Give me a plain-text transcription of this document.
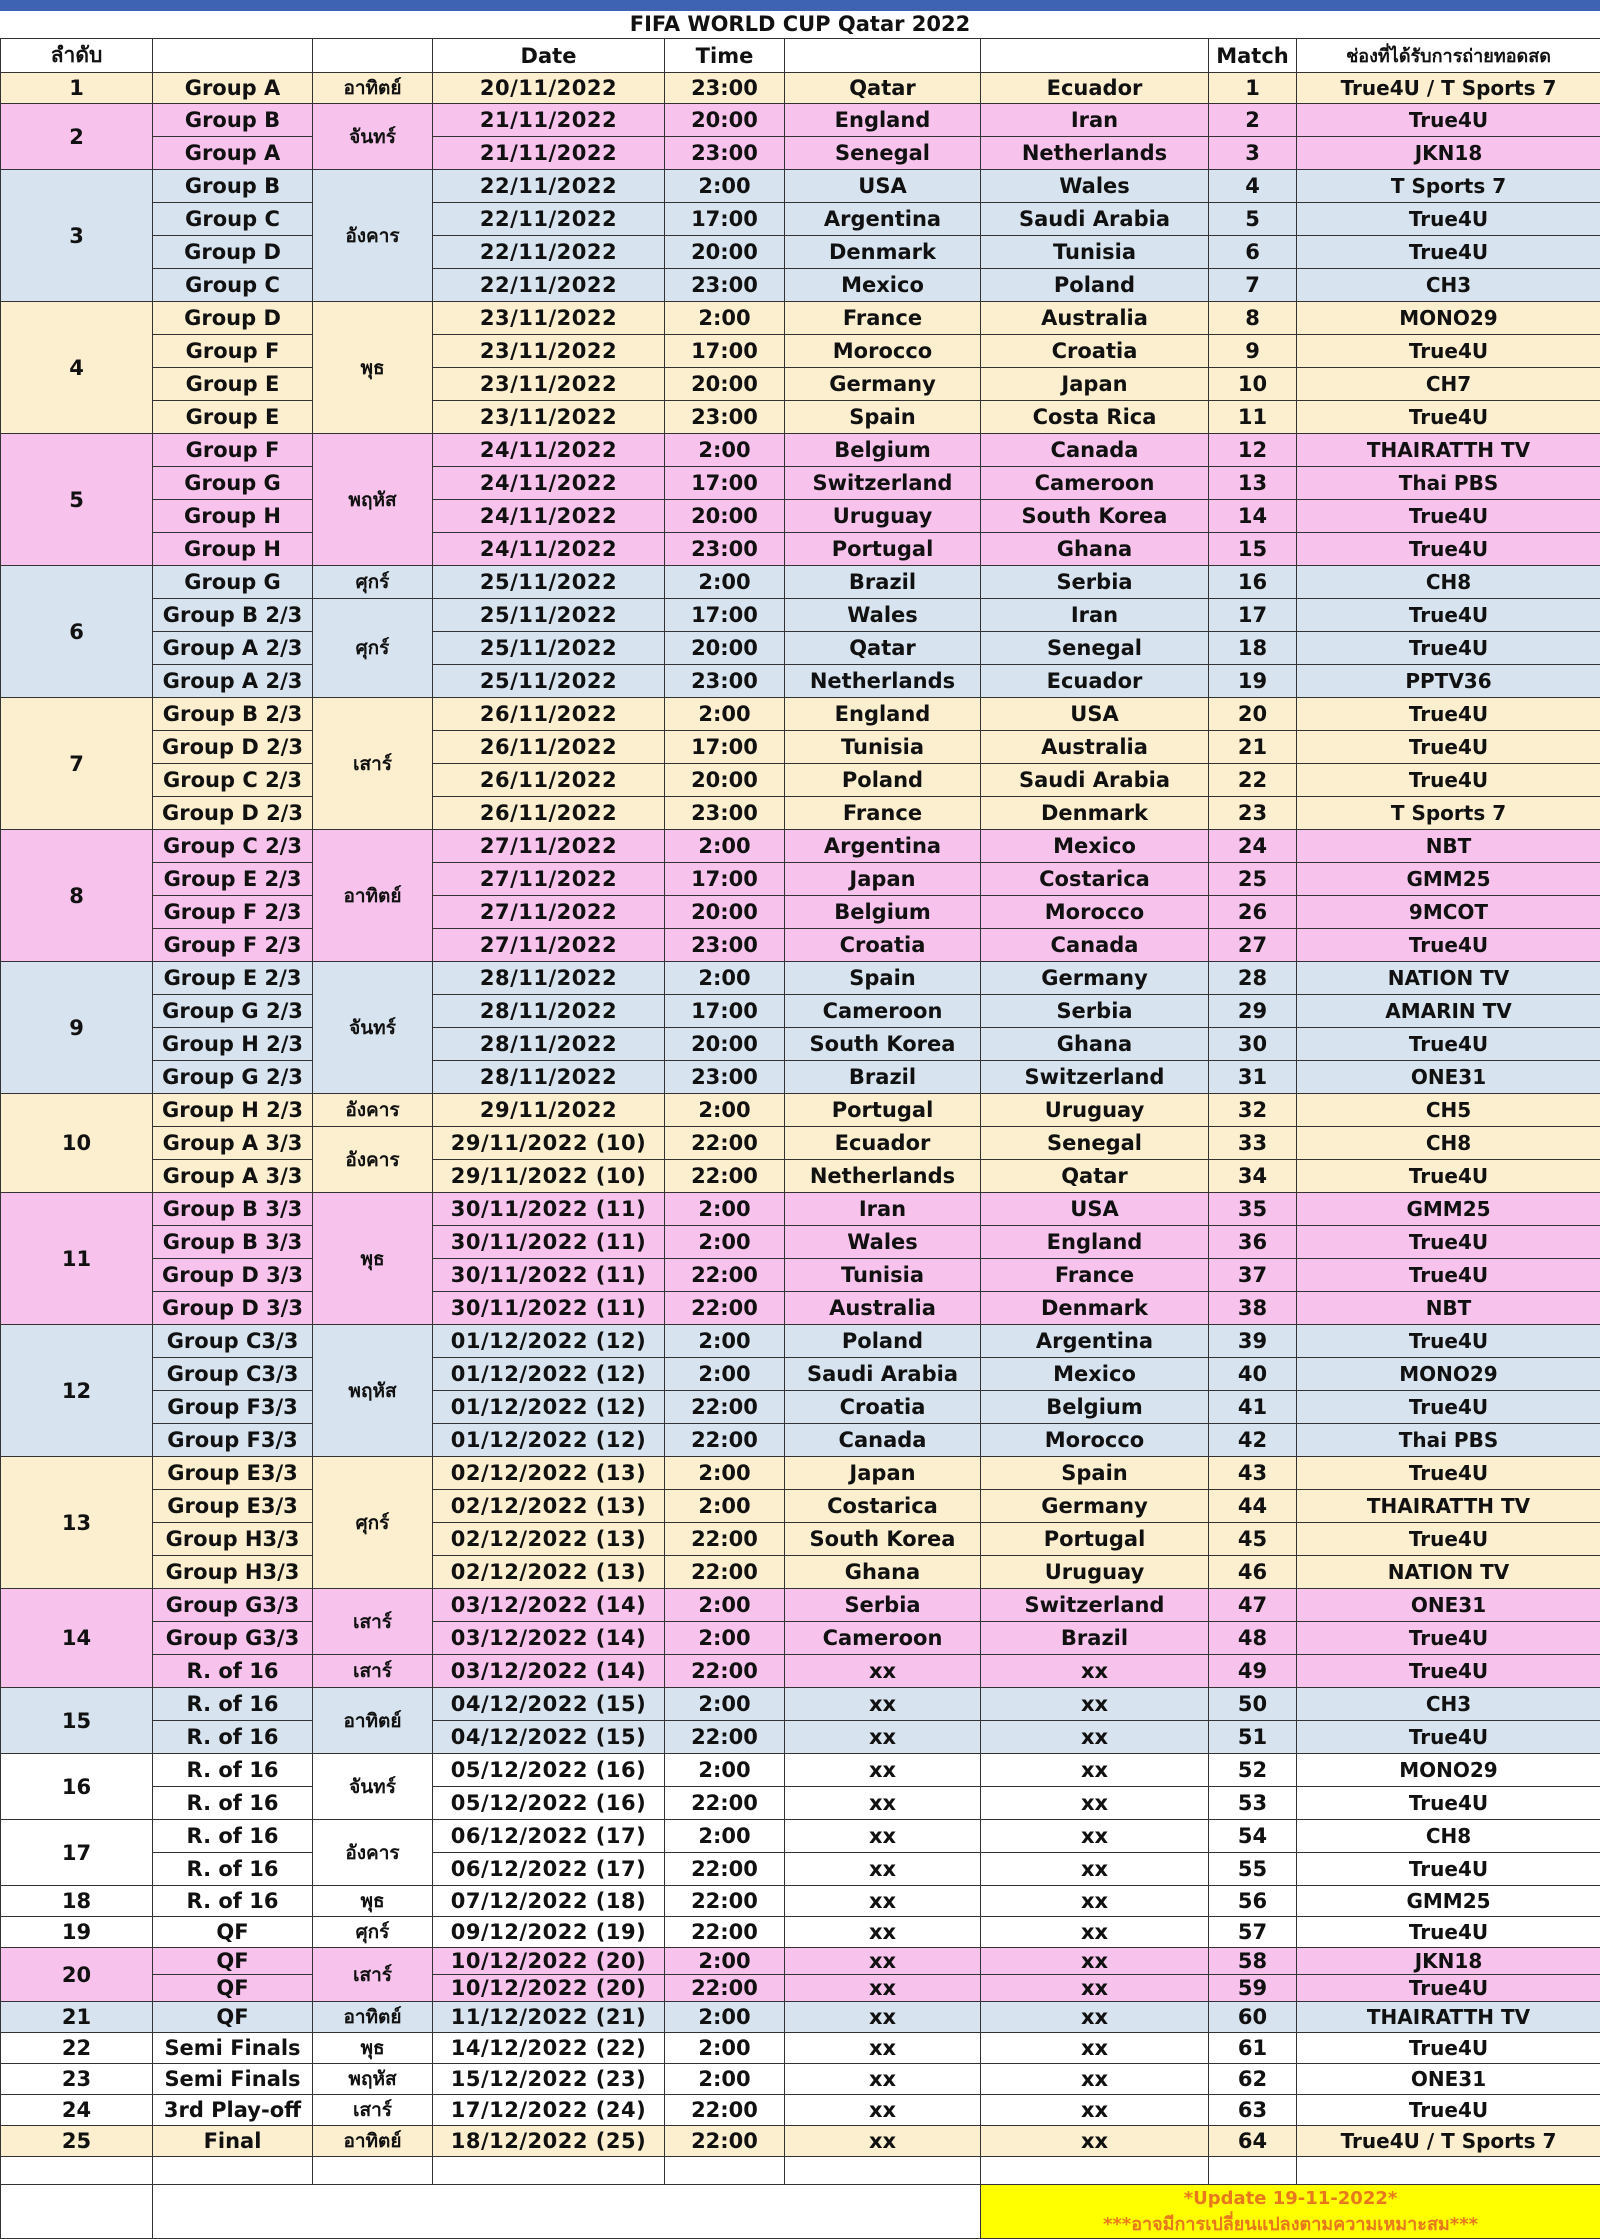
FIFA WORLD CUP Qatar 2022
ลำดับ			Date	Time			Match	ช่องที่ได้รับการถ่ายทอดสด
1	Group A	อาทิตย์	20/11/2022	23:00	Qatar	Ecuador	1	True4U / T Sports 7
2	Group B	จันทร์	21/11/2022	20:00	England	Iran	2	True4U
	Group A		21/11/2022	23:00	Senegal	Netherlands	3	JKN18
3	Group B	อังคาร	22/11/2022	2:00	USA	Wales	4	T Sports 7
	Group C		22/11/2022	17:00	Argentina	Saudi Arabia	5	True4U
	Group D		22/11/2022	20:00	Denmark	Tunisia	6	True4U
	Group C		22/11/2022	23:00	Mexico	Poland	7	CH3
4	Group D	พุธ	23/11/2022	2:00	France	Australia	8	MONO29
	Group F		23/11/2022	17:00	Morocco	Croatia	9	True4U
	Group E		23/11/2022	20:00	Germany	Japan	10	CH7
	Group E		23/11/2022	23:00	Spain	Costa Rica	11	True4U
5	Group F	พฤหัส	24/11/2022	2:00	Belgium	Canada	12	THAIRATTH TV
	Group G		24/11/2022	17:00	Switzerland	Cameroon	13	Thai PBS
	Group H		24/11/2022	20:00	Uruguay	South Korea	14	True4U
	Group H		24/11/2022	23:00	Portugal	Ghana	15	True4U
6	Group G	ศุกร์	25/11/2022	2:00	Brazil	Serbia	16	CH8
	Group B 2/3	ศุกร์	25/11/2022	17:00	Wales	Iran	17	True4U
	Group A 2/3		25/11/2022	20:00	Qatar	Senegal	18	True4U
	Group A 2/3		25/11/2022	23:00	Netherlands	Ecuador	19	PPTV36
7	Group B 2/3	เสาร์	26/11/2022	2:00	England	USA	20	True4U
	Group D 2/3		26/11/2022	17:00	Tunisia	Australia	21	True4U
	Group C 2/3		26/11/2022	20:00	Poland	Saudi Arabia	22	True4U
	Group D 2/3		26/11/2022	23:00	France	Denmark	23	T Sports 7
8	Group C 2/3	อาทิตย์	27/11/2022	2:00	Argentina	Mexico	24	NBT
	Group E 2/3		27/11/2022	17:00	Japan	Costarica	25	GMM25
	Group F 2/3		27/11/2022	20:00	Belgium	Morocco	26	9MCOT
	Group F 2/3		27/11/2022	23:00	Croatia	Canada	27	True4U
9	Group E 2/3	จันทร์	28/11/2022	2:00	Spain	Germany	28	NATION TV
	Group G 2/3		28/11/2022	17:00	Cameroon	Serbia	29	AMARIN TV
	Group H 2/3		28/11/2022	20:00	South Korea	Ghana	30	True4U
	Group G 2/3		28/11/2022	23:00	Brazil	Switzerland	31	ONE31
10	Group H 2/3	อังคาร	29/11/2022	2:00	Portugal	Uruguay	32	CH5
	Group A 3/3	อังคาร	29/11/2022 (10)	22:00	Ecuador	Senegal	33	CH8
	Group A 3/3		29/11/2022 (10)	22:00	Netherlands	Qatar	34	True4U
11	Group B 3/3	พุธ	30/11/2022 (11)	2:00	Iran	USA	35	GMM25
	Group B 3/3		30/11/2022 (11)	2:00	Wales	England	36	True4U
	Group D 3/3		30/11/2022 (11)	22:00	Tunisia	France	37	True4U
	Group D 3/3		30/11/2022 (11)	22:00	Australia	Denmark	38	NBT
12	Group C3/3	พฤหัส	01/12/2022 (12)	2:00	Poland	Argentina	39	True4U
	Group C3/3		01/12/2022 (12)	2:00	Saudi Arabia	Mexico	40	MONO29
	Group F3/3		01/12/2022 (12)	22:00	Croatia	Belgium	41	True4U
	Group F3/3		01/12/2022 (12)	22:00	Canada	Morocco	42	Thai PBS
13	Group E3/3	ศุกร์	02/12/2022 (13)	2:00	Japan	Spain	43	True4U
	Group E3/3		02/12/2022 (13)	2:00	Costarica	Germany	44	THAIRATTH TV
	Group H3/3		02/12/2022 (13)	22:00	South Korea	Portugal	45	True4U
	Group H3/3		02/12/2022 (13)	22:00	Ghana	Uruguay	46	NATION TV
14	Group G3/3	เสาร์	03/12/2022 (14)	2:00	Serbia	Switzerland	47	ONE31
	Group G3/3		03/12/2022 (14)	2:00	Cameroon	Brazil	48	True4U
	R. of 16	เสาร์	03/12/2022 (14)	22:00	xx	xx	49	True4U
15	R. of 16	อาทิตย์	04/12/2022 (15)	2:00	xx	xx	50	CH3
	R. of 16		04/12/2022 (15)	22:00	xx	xx	51	True4U
16	R. of 16	จันทร์	05/12/2022 (16)	2:00	xx	xx	52	MONO29
	R. of 16		05/12/2022 (16)	22:00	xx	xx	53	True4U
17	R. of 16	อังคาร	06/12/2022 (17)	2:00	xx	xx	54	CH8
	R. of 16		06/12/2022 (17)	22:00	xx	xx	55	True4U
18	R. of 16	พุธ	07/12/2022 (18)	22:00	xx	xx	56	GMM25
19	QF	ศุกร์	09/12/2022 (19)	22:00	xx	xx	57	True4U
20	QF	เสาร์	10/12/2022 (20)	2:00	xx	xx	58	JKN18
	QF		10/12/2022 (20)	22:00	xx	xx	59	True4U
21	QF	อาทิตย์	11/12/2022 (21)	2:00	xx	xx	60	THAIRATTH TV
22	Semi Finals	พุธ	14/12/2022 (22)	2:00	xx	xx	61	True4U
23	Semi Finals	พฤหัส	15/12/2022 (23)	2:00	xx	xx	62	ONE31
24	3rd Play-off	เสาร์	17/12/2022 (24)	22:00	xx	xx	63	True4U
25	Final	อาทิตย์	18/12/2022 (25)	22:00	xx	xx	64	True4U / T Sports 7

						*Update 19-11-2022*
***อาจมีการเปลี่ยนแปลงตามความเหมาะสม***		
